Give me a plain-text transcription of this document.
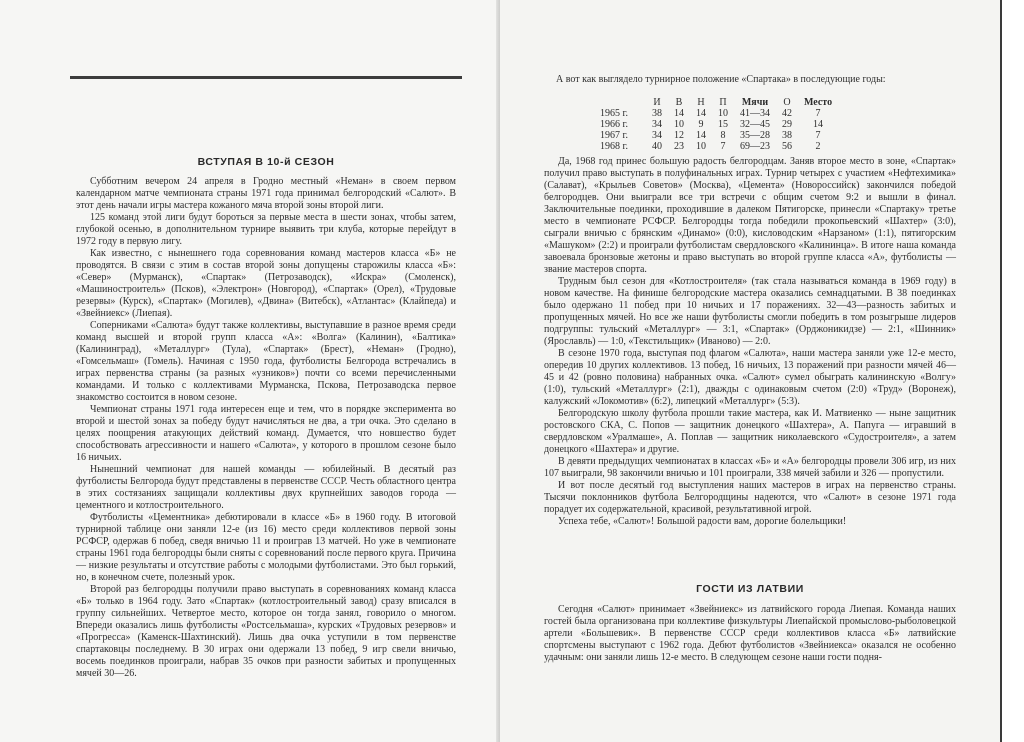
ВСТУПАЯ В 10-й СЕЗОН

Субботним вечером 24 апреля в Гродно местный «Неман» в своем первом календарном матче чемпионата страны 1971 года принимал белгородский «Салют». В этот день начали игры мастера кожаного мяча второй зоны второй лиги.

125 команд этой лиги будут бороться за первые места в шести зонах, чтобы затем, глубокой осенью, в дополнительном турнире выявить три клуба, которые перейдут в 1972 году в первую лигу.

Как известно, с нынешнего года соревнования команд мастеров класса «Б» не проводятся. В связи с этим в состав второй зоны допущены старожилы класса «Б»: «Север» (Мурманск), «Спартак» (Петрозаводск), «Искра» (Смоленск), «Машиностроитель» (Псков), «Электрон» (Новгород), «Спартак» (Орел), «Трудовые резервы» (Курск), «Спартак» (Могилев), «Двина» (Витебск), «Атлантас» (Клайпеда) и «Звейниекс» (Лиепая).

Соперниками «Салюта» будут также коллективы, выступавшие в разное время среди команд высшей и второй групп класса «А»: «Волга» (Калинин), «Балтика» (Калининград), «Металлург» (Тула), «Спартак» (Брест), «Неман» (Гродно), «Гомсельмаш» (Гомель). Начиная с 1950 года, футболисты Белгорода встречались в играх первенства страны (за разных «узников») почти со всеми перечисленными командами. И только с коллективами Мурманска, Пскова, Петрозаводска первое знакомство состоится в новом сезоне.

Чемпионат страны 1971 года интересен еще и тем, что в порядке эксперимента во второй и шестой зонах за победу будут начисляться не два, а три очка. Это сделано в целях поощрения атакующих действий команд. Думается, что новшество будет способствовать агрессивности и нашего «Салюта», у которого в прошлом сезоне было 16 ничьих.

Нынешний чемпионат для нашей команды — юбилейный. В десятый раз футболисты Белгорода будут представлены в первенстве СССР. Честь областного центра в этих состязаниях защищали коллективы двух крупнейших заводов города — цементного и котлостроительного.

Футболисты «Цементника» дебютировали в классе «Б» в 1960 году. В итоговой турнирной таблице они заняли 12-е (из 16) место среди коллективов первой зоны РСФСР, одержав 6 побед, сведя вничью 11 и проиграв 13 матчей. Но уже в чемпионате страны 1961 года белгородцы были сняты с соревнований после первого круга. Причина — низкие результаты и отсутствие работы с молодыми футболистами. Это был горький, но, в конечном счете, полезный урок.

Второй раз белгородцы получили право выступать в соревнованиях команд класса «Б» только в 1964 году. Зато «Спартак» (котлостроительный завод) сразу вписался в группу сильнейших. Четвертое место, которое он тогда занял, говорило о многом. Впереди оказались лишь футболисты «Ростсельмаша», курских «Трудовых резервов» и «Прогресса» (Каменск-Шахтинский). Лишь два очка уступили в том первенстве спартаковцы последнему. В 30 играх они одержали 13 побед, 9 игр свели вничью, восемь поединков проиграли, набрав 35 очков при разности забитых и пропущенных мячей 30—26.

А вот как выглядело турнирное положение «Спартака» в последующие годы:

	И	В	Н	П	Мячи	О	Место
1965 г.	38	14	14	10	41—34	42	7
1966 г.	34	10	9	15	32—45	29	14
1967 г.	34	12	14	8	35—28	38	7
1968 г.	40	23	10	7	69—23	56	2

Да, 1968 год принес большую радость белгородцам. Заняв второе место в зоне, «Спартак» получил право выступать в полуфинальных играх. Турнир четырех с участием «Нефтехимика» (Салават), «Крыльев Советов» (Москва), «Цемента» (Новороссийск) закончился победой белгородцев. Они выиграли все три встречи с общим счетом 9:2 и вышли в финал. Заключительные поединки, проходившие в далеком Пятигорске, принесли «Спартаку» третье место в чемпионате РСФСР. Белгородцы тогда победили прокопьевский «Шахтер» (3:0), сыграли вничью с брянским «Динамо» (0:0), кисловодским «Нарзаном» (1:1), пятигорским «Машуком» (2:2) и проиграли футболистам свердловского «Калининца». В итоге наша команда завоевала бронзовые жетоны и право выступать во второй группе класса «А», футболисты — звание мастеров спорта.

Трудным был сезон для «Котлостроителя» (так стала называться команда в 1969 году) в новом качестве. На финише белгородские мастера оказались семнадцатыми. В 38 поединках было одержано 11 побед при 10 ничьих и 17 поражениях. 32—43—разность забитых и пропущенных мячей. Но все же наши футболисты смогли победить в том розыгрыше лидеров подгруппы: тульский «Металлург» — 3:1, «Спартак» (Орджоникидзе) — 2:1, «Шинник» (Ярославль) — 1:0, «Текстильщик» (Иваново) — 2:0.

В сезоне 1970 года, выступая под флагом «Салюта», наши мастера заняли уже 12-е место, опередив 10 других коллективов. 13 побед, 16 ничьих, 13 поражений при разности мячей 46—45 и 42 (ровно половина) набранных очка. «Салют» сумел обыграть калининскую «Волгу» (1:0), тульский «Металлург» (2:1), дважды с одинаковым счетом (2:0) «Труд» (Воронеж), калужский «Локомотив» (6:2), липецкий «Металлург» (5:3).

Белгородскую школу футбола прошли такие мастера, как И. Матвиенко — ныне защитник ростовского СКА, С. Попов — защитник донецкого «Шахтера», А. Папуга — игравший в свердловском «Уралмаше», А. Поплав — защитник николаевского «Судостроителя», а затем донецкого «Шахтера» и другие.

В девяти предыдущих чемпионатах в классах «Б» и «А» белгородцы провели 306 игр, из них 107 выиграли, 98 закончили вничью и 101 проиграли, 338 мячей забили и 326 — пропустили.

И вот после десятый год выступления наших мастеров в играх на первенство страны. Тысячи поклонников футбола Белгородщины надеются, что «Салют» в сезоне 1971 года порадует их содержательной, красивой, результативной игрой.

Успеха тебе, «Салют»! Большой радости вам, дорогие болельщики!

ГОСТИ ИЗ ЛАТВИИ

Сегодня «Салют» принимает «Звейниекс» из латвийского города Лиепая. Команда наших гостей была организована при коллективе физкультуры Лиепайской промыслово-рыболовецкой артели «Большевик». В первенстве СССР среди коллективов класса «Б» латвийские спортсмены выступают с 1962 года. Дебют футболистов «Звейниекса» оказался не особенно удачным: они заняли лишь 12-е место. В следующем сезоне наши гости подня-
